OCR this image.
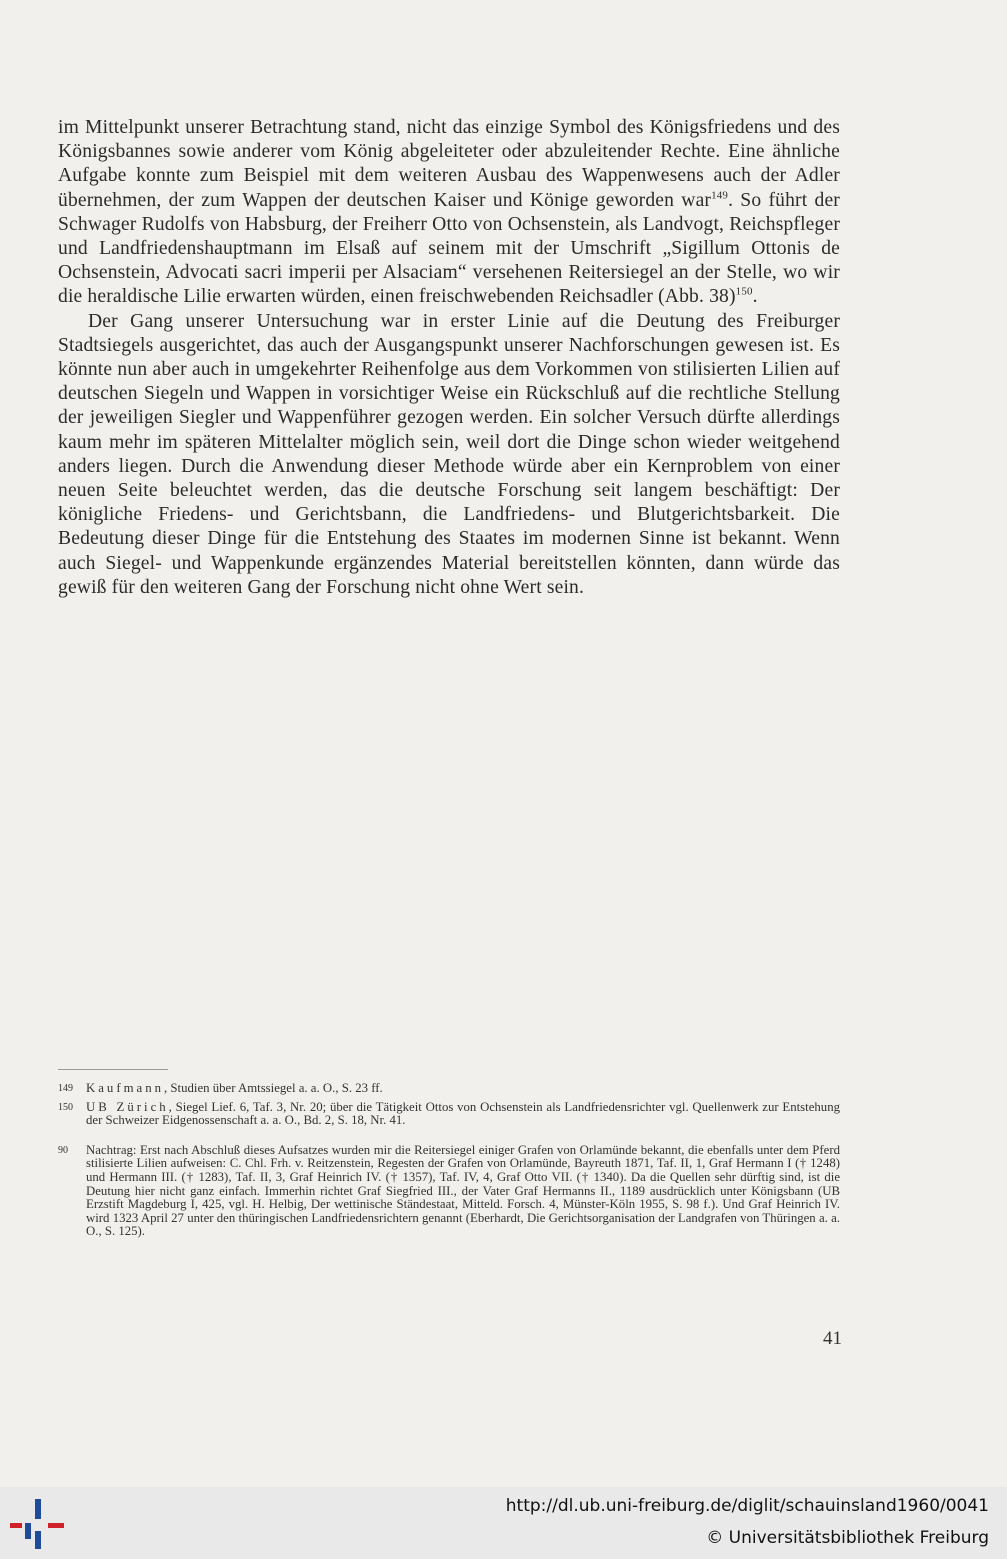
im Mittelpunkt unserer Betrachtung stand, nicht das einzige Symbol des Königsfriedens und des Königsbannes sowie anderer vom König abgeleiteter oder abzuleitender Rechte. Eine ähnliche Aufgabe konnte zum Beispiel mit dem weiteren Ausbau des Wappenwesens auch der Adler übernehmen, der zum Wappen der deutschen Kaiser und Könige geworden war$^{149}$. So führt der Schwager Rudolfs von Habsburg, der Freiherr Otto von Ochsenstein, als Landvogt, Reichspfleger und Landfriedenshauptmann im Elsaß auf seinem mit der Umschrift „Sigillum Ottonis de Ochsenstein, Advocati sacri imperii per Alsaciam“ versehenen Reitersiegel an der Stelle, wo wir die heraldische Lilie erwarten würden, einen freischwebenden Reichsadler (Abb. 38)$^{150}$.

Der Gang unserer Untersuchung war in erster Linie auf die Deutung des Freiburger Stadtsiegels ausgerichtet, das auch der Ausgangspunkt unserer Nachforschungen gewesen ist. Es könnte nun aber auch in umgekehrter Reihenfolge aus dem Vorkommen von stilisierten Lilien auf deutschen Siegeln und Wappen in vorsichtiger Weise ein Rückschluß auf die rechtliche Stellung der jeweiligen Siegler und Wappenführer gezogen werden. Ein solcher Versuch dürfte allerdings kaum mehr im späteren Mittelalter möglich sein, weil dort die Dinge schon wieder weitgehend anders liegen. Durch die Anwendung dieser Methode würde aber ein Kernproblem von einer neuen Seite beleuchtet werden, das die deutsche Forschung seit langem beschäftigt: Der königliche Friedens- und Gerichtsbann, die Landfriedens- und Blutgerichtsbarkeit. Die Bedeutung dieser Dinge für die Entstehung des Staates im modernen Sinne ist bekannt. Wenn auch Siegel- und Wappenkunde ergänzendes Material bereitstellen könnten, dann würde das gewiß für den weiteren Gang der Forschung nicht ohne Wert sein.

149 Kaufmann, Studien über Amtssiegel a. a. O., S. 23 ff.
150 UB Zürich, Siegel Lief. 6, Taf. 3, Nr. 20; über die Tätigkeit Ottos von Ochsenstein als Landfriedensrichter vgl. Quellenwerk zur Entstehung der Schweizer Eidgenossenschaft a. a. O., Bd. 2, S. 18, Nr. 41.
90 Nachtrag: Erst nach Abschluß dieses Aufsatzes wurden mir die Reitersiegel einiger Grafen von Orlamünde bekannt, die ebenfalls unter dem Pferd stilisierte Lilien aufweisen: C. Chl. Frh. v. Reitzenstein, Regesten der Grafen von Orlamünde, Bayreuth 1871, Taf. II, 1, Graf Hermann I († 1248) und Hermann III. († 1283), Taf. II, 3, Graf Heinrich IV. († 1357), Taf. IV, 4, Graf Otto VII. († 1340). Da die Quellen sehr dürftig sind, ist die Deutung hier nicht ganz einfach. Immerhin richtet Graf Siegfried III., der Vater Graf Hermanns II., 1189 ausdrücklich unter Königsbann (UB Erzstift Magdeburg I, 425, vgl. H. Helbig, Der wettinische Ständestaat, Mitteld. Forsch. 4, Münster-Köln 1955, S. 98 f.). Und Graf Heinrich IV. wird 1323 April 27 unter den thüringischen Landfriedensrichtern genannt (Eberhardt, Die Gerichtsorganisation der Landgrafen von Thüringen a. a. O., S. 125).
41
http://dl.ub.uni-freiburg.de/diglit/schauinsland1960/0041
© Universitätsbibliothek Freiburg
